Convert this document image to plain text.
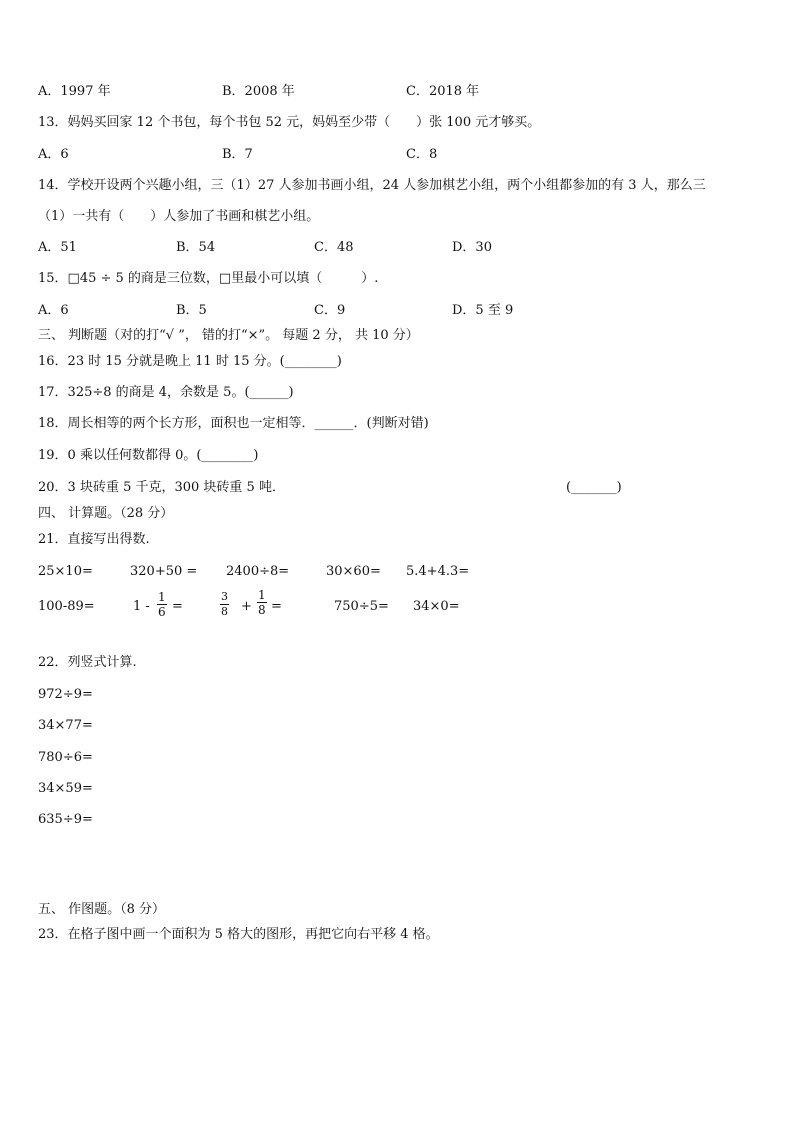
A．1997 年	B．2008 年	C．2018 年
13．妈妈买回家 12 个书包，每个书包 52 元，妈妈至少带（　　）张 100 元才够买。
A．6	B．7	C．8
14．学校开设两个兴趣小组，三（1）27 人参加书画小组，24 人参加棋艺小组，两个小组都参加的有 3 人，那么三
（1）一共有（　　）人参加了书画和棋艺小组。
A．51	B．54	C．48	D．30
15．□45 ÷ 5 的商是三位数，□里最小可以填（　　　）.
A．6	B．5	C．9	D．5 至 9
三、 判断题（对的打“√ ”， 错的打“×”。 每题 2 分， 共 10 分）
16．23 时 15 分就是晚上 11 时 15 分。(________)
17．325÷8 的商是 4，余数是 5。(______)
18．周长相等的两个长方形，面积也一定相等．______．(判断对错)
19．0 乘以任何数都得 0。(________)
20．3 块砖重 5 千克，300 块砖重 5 吨．	(_______)
四、 计算题。（28 分）
21．直接写出得数.
25×10=	320+50 = 2400÷8=	30×60= 5.4+4.3=
100-89=	$1 - \frac{1}{6}$ =	$\frac{3}{8} + \frac{1}{8}$ =	750÷5= 34×0=
22．列竖式计算.
972÷9=
34×77=
780÷6=
34×59=
635÷9=
五、 作图题。（8 分）
23．在格子图中画一个面积为 5 格大的图形，再把它向右平移 4 格。
